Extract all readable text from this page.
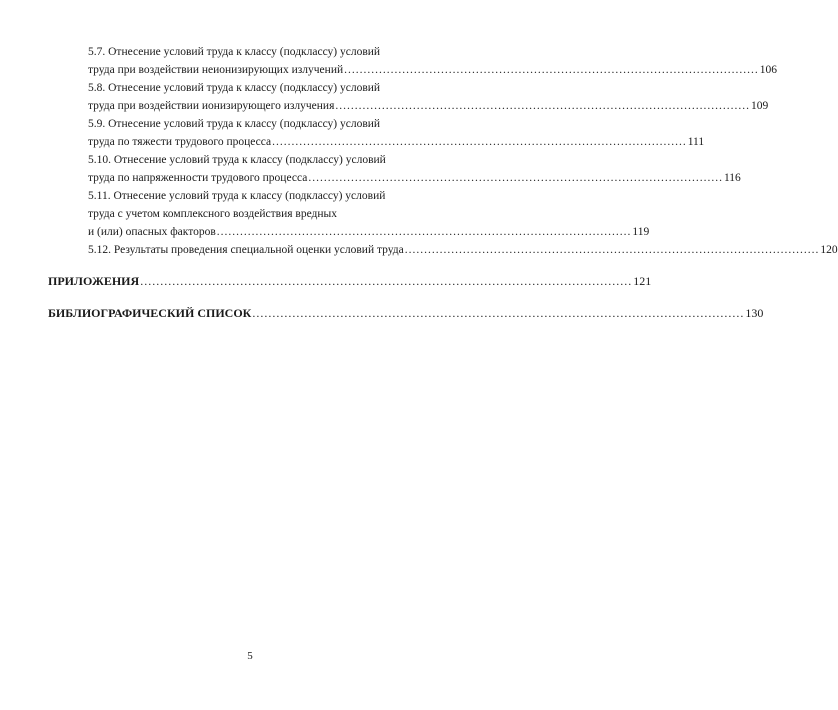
5.7. Отнесение условий труда к классу (подклассу) условий
труда при воздействии неионизирующих излучений ........................................................................................................... 106
5.8. Отнесение условий труда к классу (подклассу) условий
труда при воздействии ионизирующего излучения ........................................................................................................... 109
5.9. Отнесение условий труда к классу (подклассу) условий
труда по тяжести трудового процесса ........................................................................................................... 111
5.10. Отнесение условий труда к классу (подклассу) условий
труда по напряженности трудового процесса ........................................................................................................... 116
5.11. Отнесение условий труда к классу (подклассу) условий
труда с учетом комплексного воздействия вредных
и (или) опасных факторов ........................................................................................................... 119
5.12. Результаты проведения специальной оценки условий труда ........................................................................................................... 120
ПРИЛОЖЕНИЯ ........................................................................................................................... 121
БИБЛИОГРАФИЧЕСКИЙ СПИСОК ........................................................................................................................... 130
5
